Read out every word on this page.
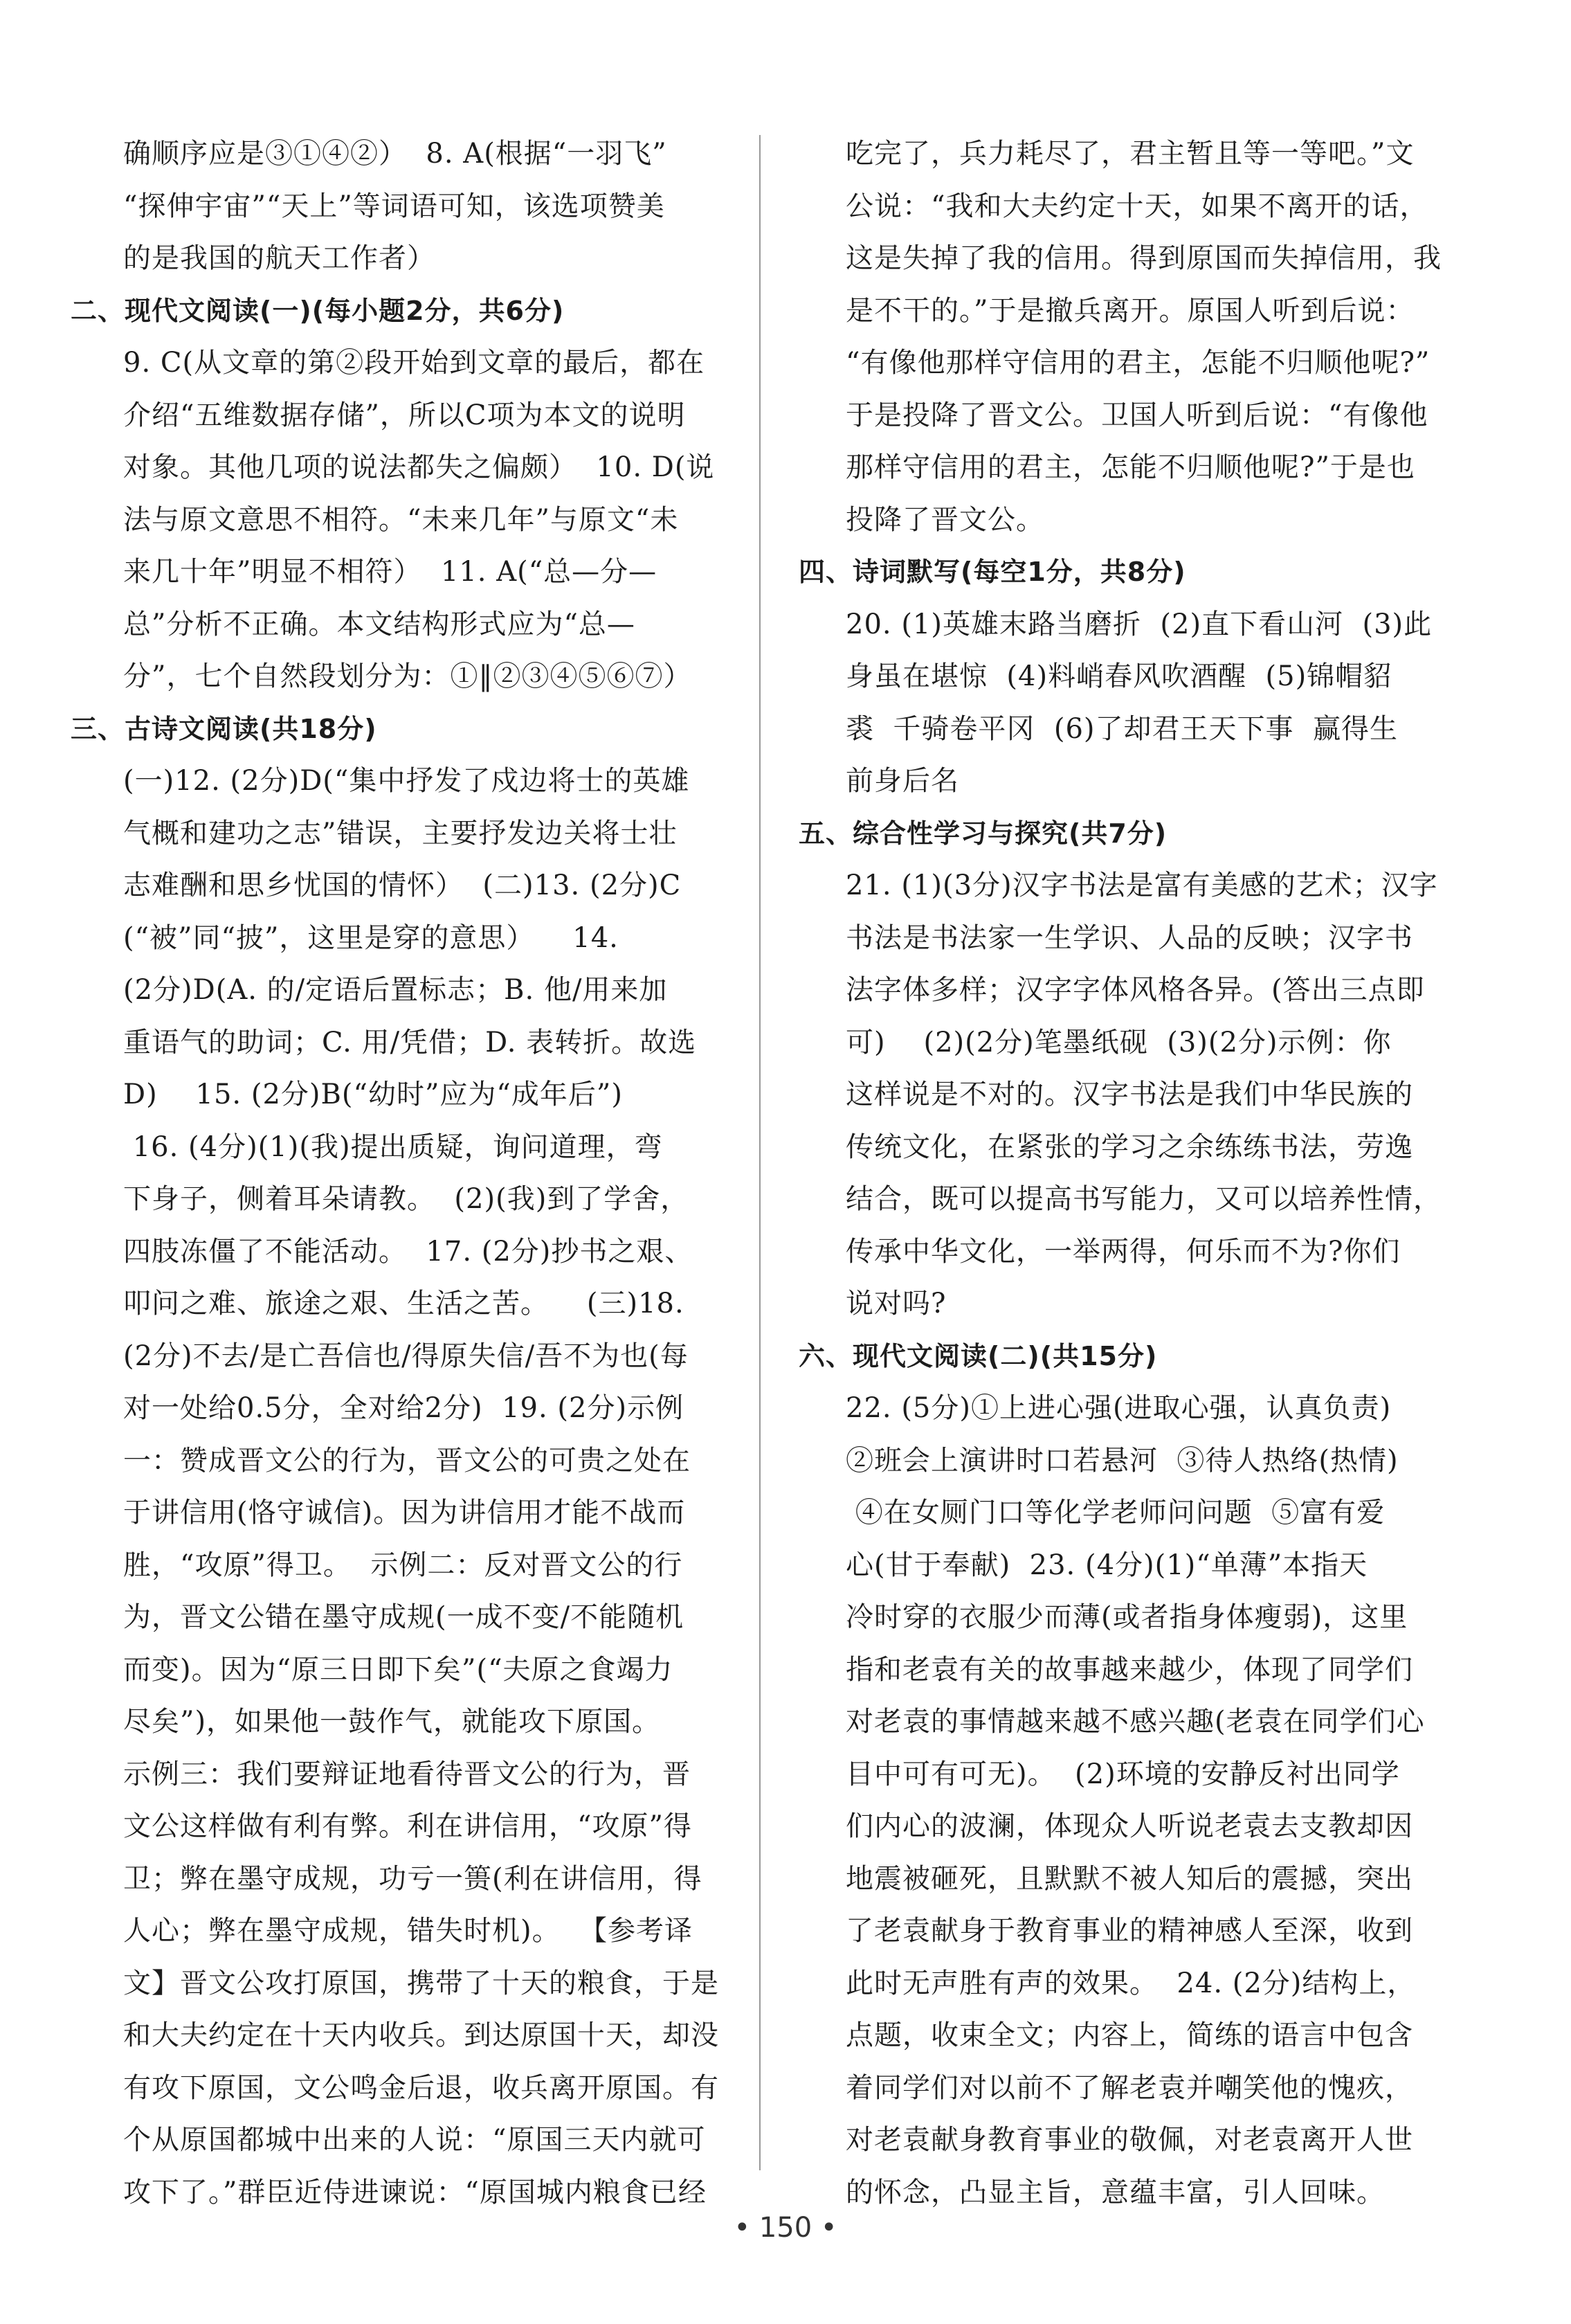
确顺序应是③①④②）  8. A(根据“一羽飞”
“探伸宇宙”“天上”等词语可知，该选项赞美
的是我国的航天工作者）
二、现代文阅读(一)(每小题2分，共6分)
9. C(从文章的第②段开始到文章的最后，都在
介绍“五维数据存储”，所以C项为本文的说明
对象。其他几项的说法都失之偏颇）  10. D(说
法与原文意思不相符。“未来几年”与原文“未
来几十年”明显不相符）  11. A(“总—分—
总”分析不正确。本文结构形式应为“总—
分”，七个自然段划分为：①‖②③④⑤⑥⑦）
三、古诗文阅读(共18分)
(一)12. (2分)D(“集中抒发了戍边将士的英雄
气概和建功之志”错误，主要抒发边关将士壮
志难酬和思乡忧国的情怀）  (二)13. (2分)C
(“被”同“披”，这里是穿的意思）    14.
(2分)D(A. 的/定语后置标志；B. 他/用来加
重语气的助词；C. 用/凭借；D. 表转折。故选
D)    15. (2分)B(“幼时”应为“成年后”)
16. (4分)(1)(我)提出质疑，询问道理，弯
下身子，侧着耳朵请教。  (2)(我)到了学舍，
四肢冻僵了不能活动。  17. (2分)抄书之艰、
叩问之难、旅途之艰、生活之苦。    (三)18.
(2分)不去/是亡吾信也/得原失信/吾不为也(每
对一处给0.5分，全对给2分)  19. (2分)示例
一：赞成晋文公的行为，晋文公的可贵之处在
于讲信用(恪守诚信)。因为讲信用才能不战而
胜，“攻原”得卫。  示例二：反对晋文公的行
为，晋文公错在墨守成规(一成不变/不能随机
而变)。因为“原三日即下矣”(“夫原之食竭力
尽矣”)，如果他一鼓作气，就能攻下原国。
示例三：我们要辩证地看待晋文公的行为，晋
文公这样做有利有弊。利在讲信用，“攻原”得
卫；弊在墨守成规，功亏一篑(利在讲信用，得
人心；弊在墨守成规，错失时机)。  【参考译
文】晋文公攻打原国，携带了十天的粮食，于是
和大夫约定在十天内收兵。到达原国十天，却没
有攻下原国，文公鸣金后退，收兵离开原国。有
个从原国都城中出来的人说：“原国三天内就可
攻下了。”群臣近侍进谏说：“原国城内粮食已经
吃完了，兵力耗尽了，君主暂且等一等吧。”文
公说：“我和大夫约定十天，如果不离开的话，
这是失掉了我的信用。得到原国而失掉信用，我
是不干的。”于是撤兵离开。原国人听到后说：
“有像他那样守信用的君主，怎能不归顺他呢?”
于是投降了晋文公。卫国人听到后说：“有像他
那样守信用的君主，怎能不归顺他呢?”于是也
投降了晋文公。
四、诗词默写(每空1分，共8分)
20. (1)英雄末路当磨折  (2)直下看山河  (3)此
身虽在堪惊  (4)料峭春风吹酒醒  (5)锦帽貂
裘  千骑卷平冈  (6)了却君王天下事  赢得生
前身后名
五、综合性学习与探究(共7分)
21. (1)(3分)汉字书法是富有美感的艺术；汉字
书法是书法家一生学识、人品的反映；汉字书
法字体多样；汉字字体风格各异。(答出三点即
可)    (2)(2分)笔墨纸砚  (3)(2分)示例：你
这样说是不对的。汉字书法是我们中华民族的
传统文化，在紧张的学习之余练练书法，劳逸
结合，既可以提高书写能力，又可以培养性情，
传承中华文化，一举两得，何乐而不为?你们
说对吗?
六、现代文阅读(二)(共15分)
22. (5分)①上进心强(进取心强，认真负责)
②班会上演讲时口若悬河  ③待人热络(热情)
④在女厕门口等化学老师问问题  ⑤富有爱
心(甘于奉献)  23. (4分)(1)“单薄”本指天
冷时穿的衣服少而薄(或者指身体瘦弱)，这里
指和老袁有关的故事越来越少，体现了同学们
对老袁的事情越来越不感兴趣(老袁在同学们心
目中可有可无)。  (2)环境的安静反衬出同学
们内心的波澜，体现众人听说老袁去支教却因
地震被砸死，且默默不被人知后的震撼，突出
了老袁献身于教育事业的精神感人至深，收到
此时无声胜有声的效果。  24. (2分)结构上，
点题，收束全文；内容上，简练的语言中包含
着同学们对以前不了解老袁并嘲笑他的愧疚，
对老袁献身教育事业的敬佩，对老袁离开人世
的怀念，凸显主旨，意蕴丰富，引人回味。
• 150 •
